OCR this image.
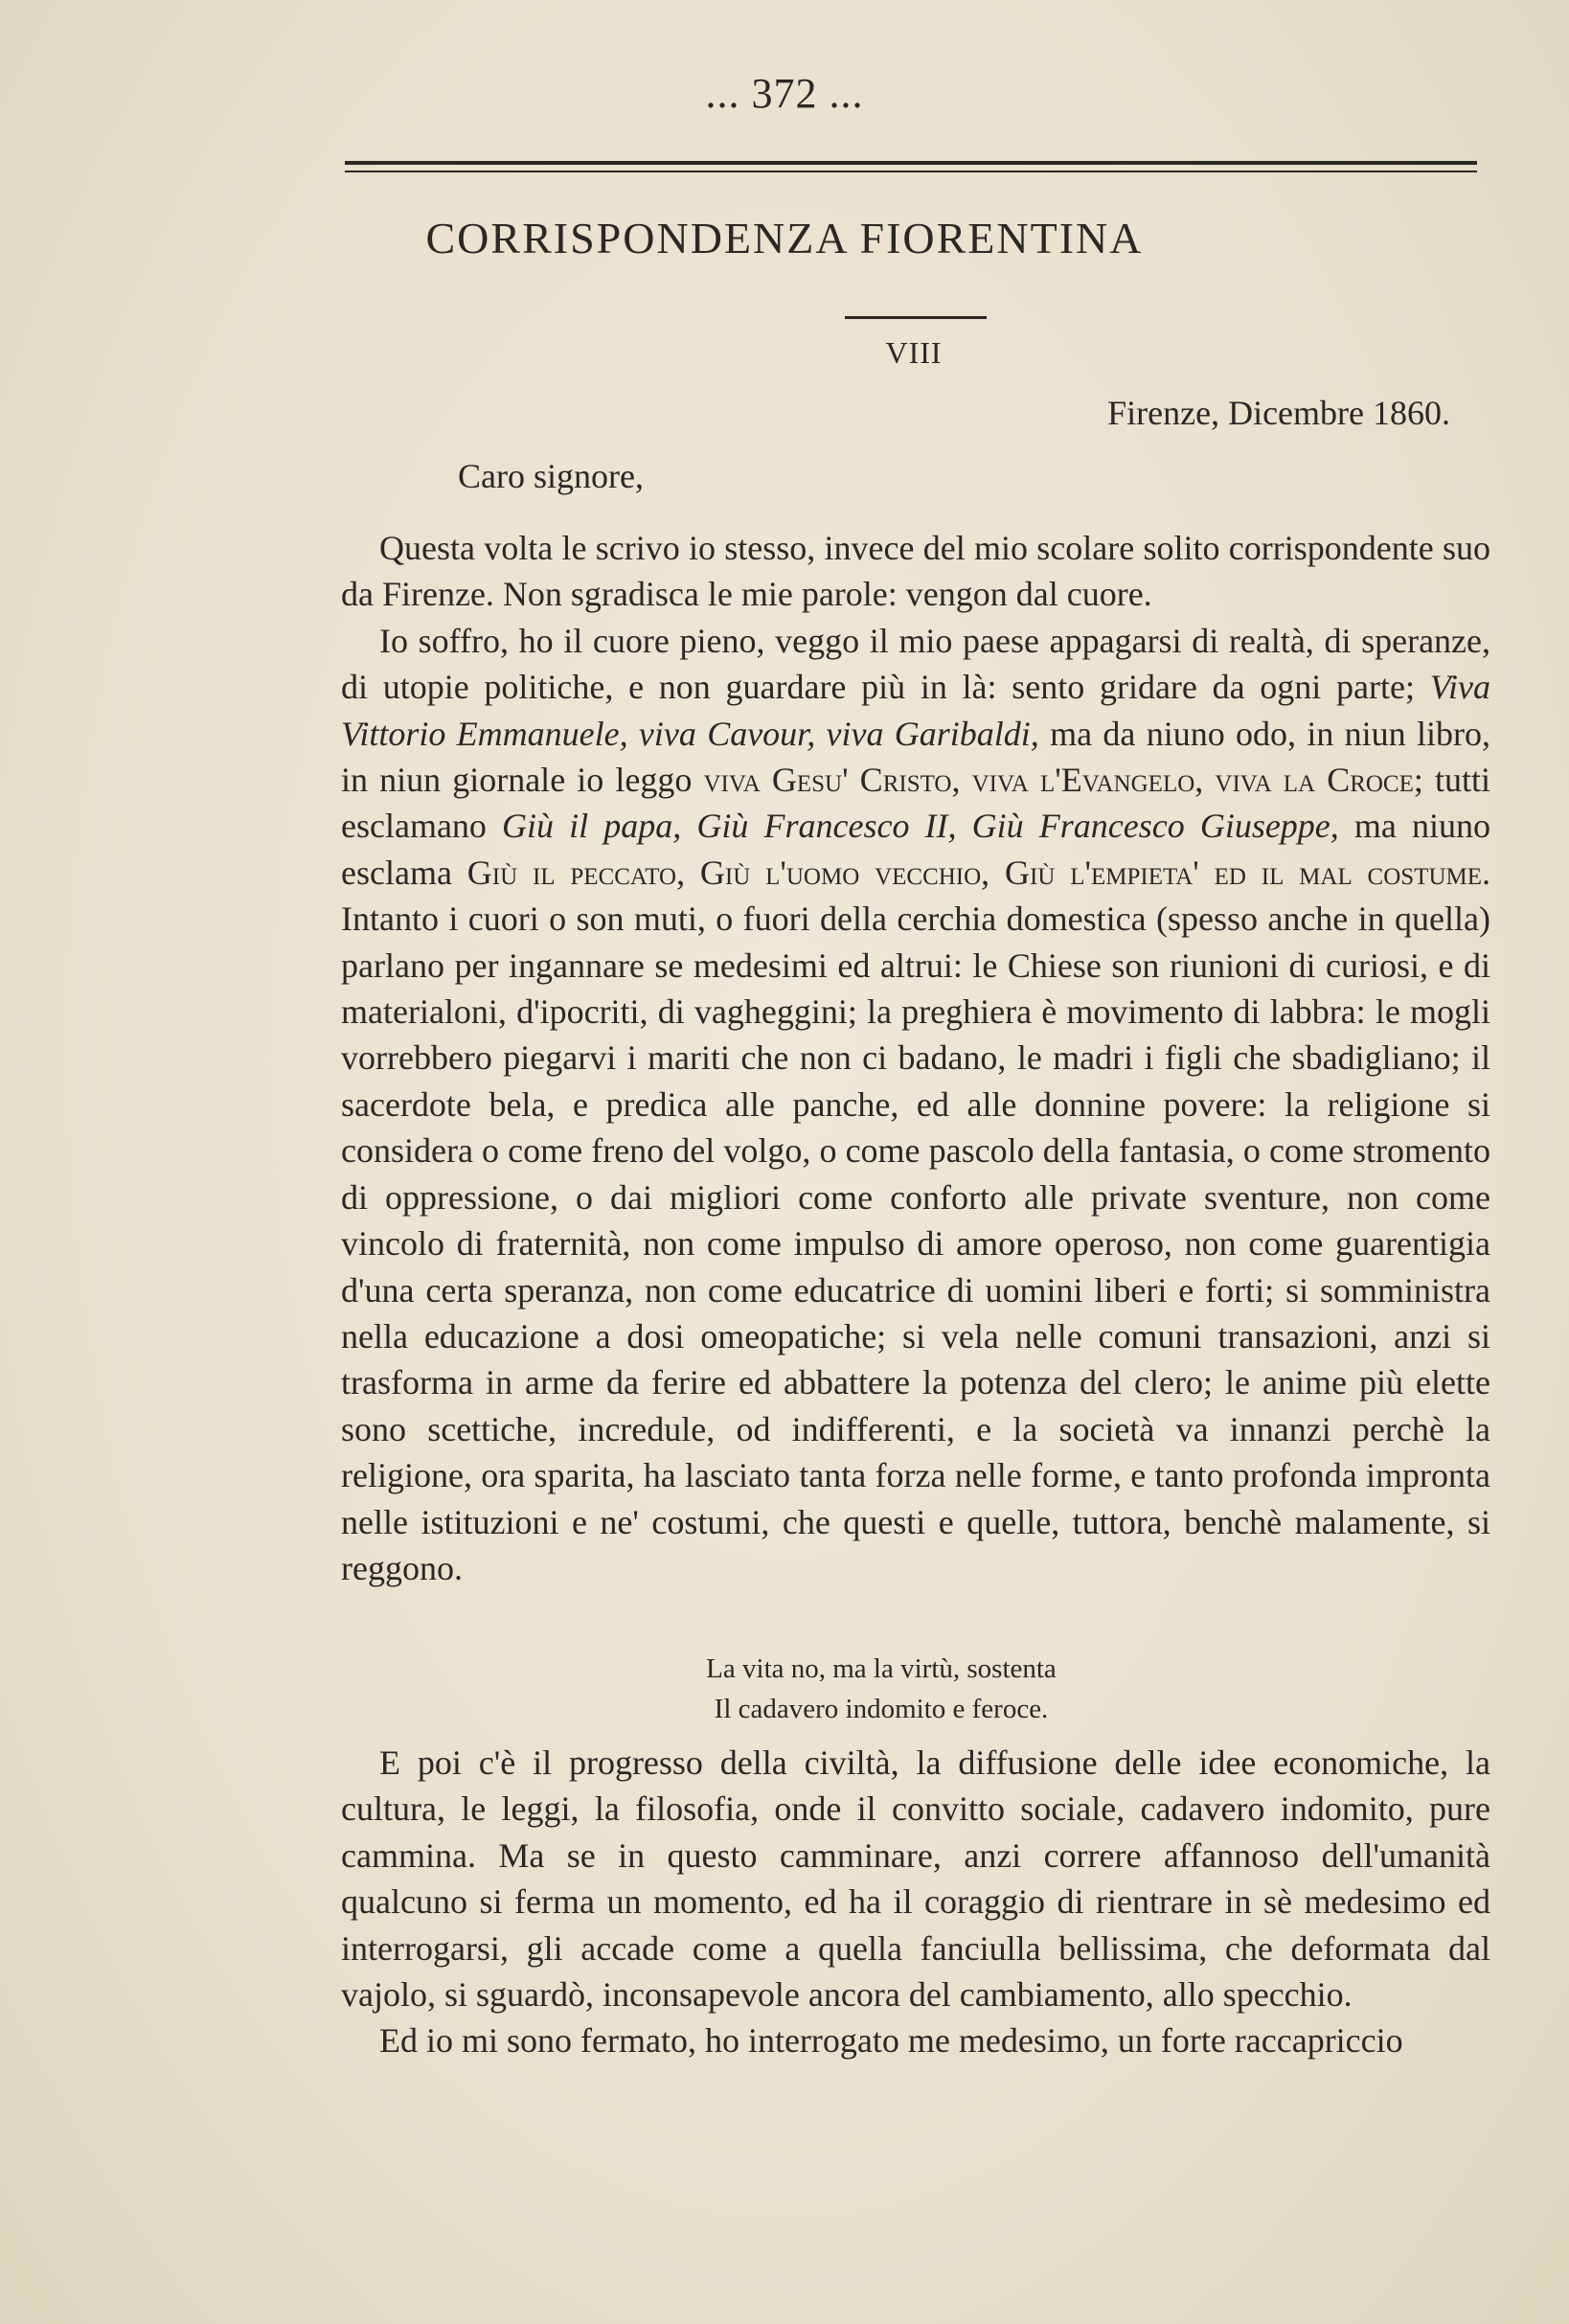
... 372 ...
CORRISPONDENZA FIORENTINA
VIII
Firenze, Dicembre 1860.
Caro signore,

Questa volta le scrivo io stesso, invece del mio scolare solito corrispondente suo da Firenze. Non sgradisca le mie parole: vengon dal cuore.

Io soffro, ho il cuore pieno, veggo il mio paese appagarsi di realtà, di speranze, di utopie politiche, e non guardare più in là: sento gridare da ogni parte; Viva Vittorio Emmanuele, viva Cavour, viva Garibaldi, ma da niuno odo, in niun libro, in niun giornale io leggo viva Gesu' Cristo, viva l'Evangelo, viva la Croce; tutti esclamano Giù il papa, Giù Francesco II, Giù Francesco Giuseppe, ma niuno esclama Giù il peccato, Giù l'uomo vecchio, Giù l'empieta' ed il mal costume. Intanto i cuori o son muti, o fuori della cerchia domestica (spesso anche in quella) parlano per ingannare se medesimi ed altrui: le Chiese son riunioni di curiosi, e di materialoni, d'ipocriti, di vagheggini; la preghiera è movimento di labbra: le mogli vorrebbero piegarvi i mariti che non ci badano, le madri i figli che sbadigliano; il sacerdote bela, e predica alle panche, ed alle donnine povere: la religione si considera o come freno del volgo, o come pascolo della fantasia, o come stromento di oppressione, o dai migliori come conforto alle private sventure, non come vincolo di fraternità, non come impulso di amore operoso, non come guarentigia d'una certa speranza, non come educatrice di uomini liberi e forti; si somministra nella educazione a dosi omeopatiche; si vela nelle comuni transazioni, anzi si trasforma in arme da ferire ed abbattere la potenza del clero; le anime più elette sono scettiche, incredule, od indifferenti, e la società va innanzi perchè la religione, ora sparita, ha lasciato tanta forza nelle forme, e tanto profonda impronta nelle istituzioni e ne' costumi, che questi e quelle, tuttora, benchè malamente, si reggono.

La vita no, ma la virtù, sostenta
Il cadavero indomito e feroce.

E poi c'è il progresso della civiltà, la diffusione delle idee economiche, la cultura, le leggi, la filosofia, onde il convitto sociale, cadavero indomito, pure cammina. Ma se in questo camminare, anzi correre affannoso dell'umanità qualcuno si ferma un momento, ed ha il coraggio di rientrare in sè medesimo ed interrogarsi, gli accade come a quella fanciulla bellissima, che deformata dal vajolo, si sguardò, inconsapevole ancora del cambiamento, allo specchio.

Ed io mi sono fermato, ho interrogato me medesimo, un forte raccapriccio
